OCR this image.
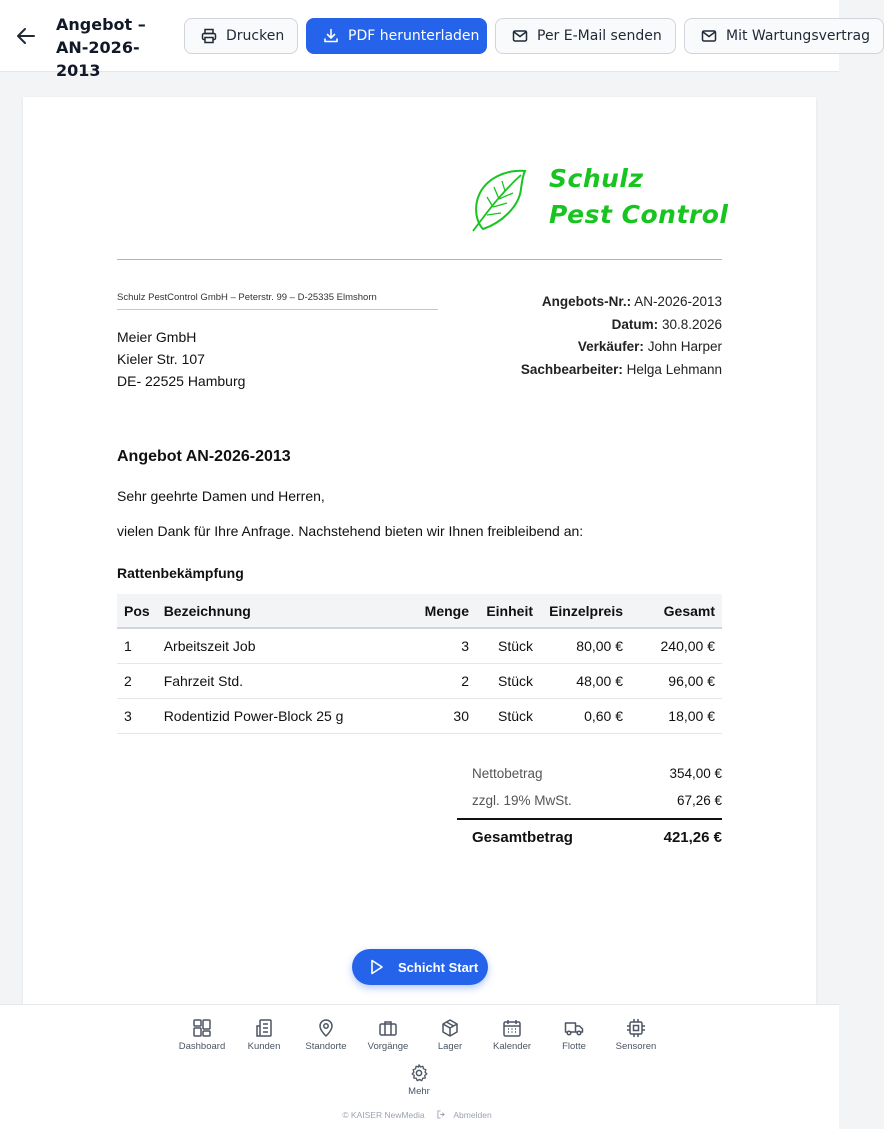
Angebot – AN-2026-2013
Drucken	PDF herunterladen	Per E-Mail senden	Mit Wartungsvertrag
Schulz
Pest Control
Schulz PestControl GmbH – Peterstr. 99 – D-25335 Elmshorn
Meier GmbH
Kieler Str. 107
DE- 22525 Hamburg
Angebots-Nr.: AN-2026-2013
Datum: 30.8.2026
Verkäufer: John Harper
Sachbearbeiter: Helga Lehmann
Angebot AN-2026-2013
Sehr geehrte Damen und Herren,
vielen Dank für Ihre Anfrage. Nachstehend bieten wir Ihnen freibleibend an:
Rattenbekämpfung
Pos	Bezeichnung	Menge	Einheit	Einzelpreis	Gesamt
1	Arbeitszeit Job	3	Stück	80,00 €	240,00 €
2	Fahrzeit Std.	2	Stück	48,00 €	96,00 €
3	Rodentizid Power-Block 25 g	30	Stück	0,60 €	18,00 €
Nettobetrag	354,00 €
zzgl. 19% MwSt.	67,26 €
Gesamtbetrag	421,26 €
Schicht Start
Dashboard	Kunden	Standorte	Vorgänge	Lager	Kalender	Flotte	Sensoren
Mehr
© KAISER NewMedia	Abmelden
